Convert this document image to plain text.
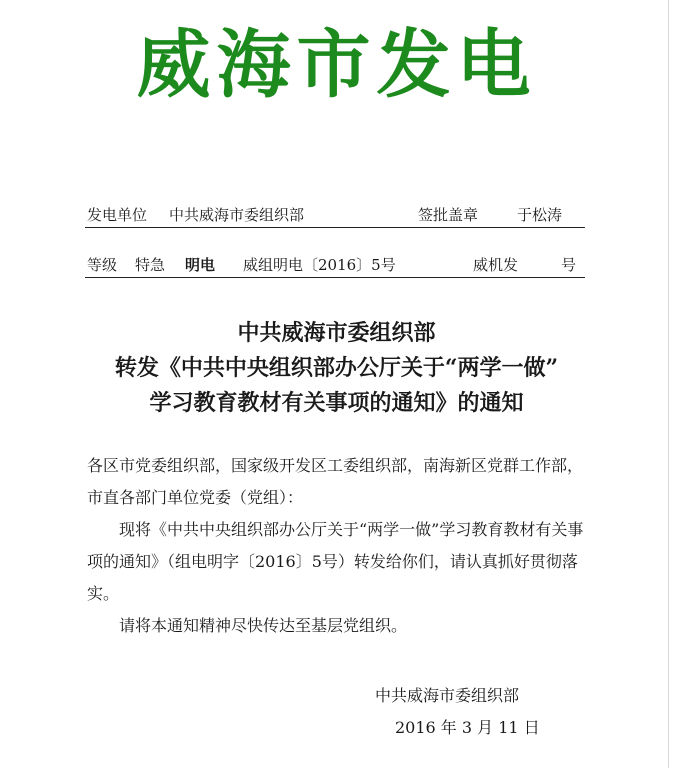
威海市发电
发电单位 中共威海市委组织部	签批盖章	于松涛
等级 特急 明电 威组明电〔2016〕5号	威机发	号
中共威海市委组织部
转发《中共中央组织部办公厅关于“两学一做”
学习教育教材有关事项的通知》的通知

各区市党委组织部，国家级开发区工委组织部，南海新区党群工作部，市直各部门单位党委（党组）：

现将《中共中央组织部办公厅关于“两学一做”学习教育教材有关事项的通知》（组电明字〔2016〕5号）转发给你们，请认真抓好贯彻落实。

请将本通知精神尽快传达至基层党组织。

中共威海市委组织部
2016 年 3 月 11 日
